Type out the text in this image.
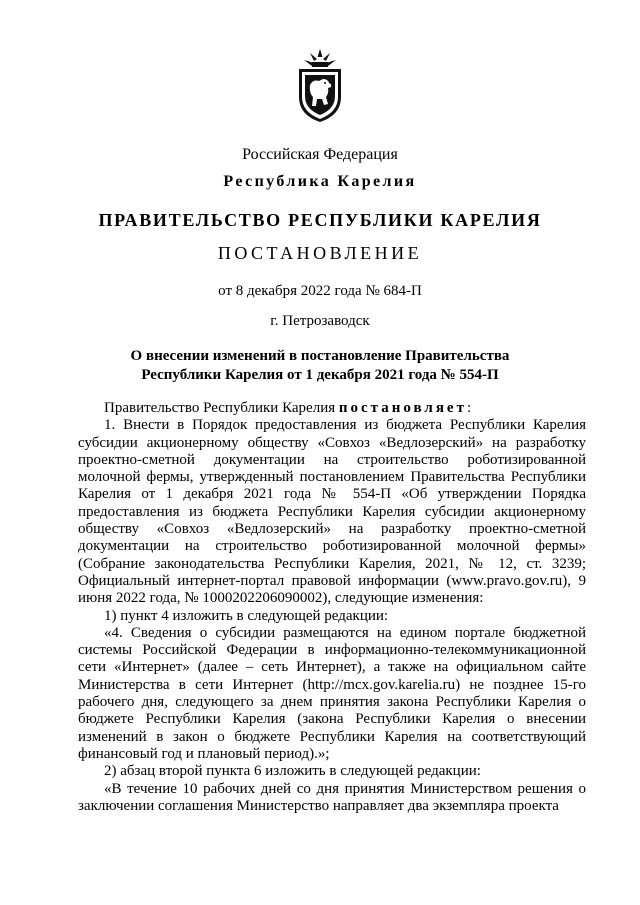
Российская Федерация
Республика Карелия
ПРАВИТЕЛЬСТВО РЕСПУБЛИКИ КАРЕЛИЯ
ПОСТАНОВЛЕНИЕ
от 8 декабря 2022 года № 684-П
г. Петрозаводск
О внесении изменений в постановление Правительства
Республики Карелия от 1 декабря 2021 года № 554-П

Правительство Республики Карелия постановляет:

1. Внести в Порядок предоставления из бюджета Республики Карелия субсидии акционерному обществу «Совхоз «Ведлозерский» на разработку проектно-сметной документации на строительство роботизированной молочной фермы, утвержденный постановлением Правительства Республики Карелия от 1 декабря 2021 года № 554-П «Об утверждении Порядка предоставления из бюджета Республики Карелия субсидии акционерному обществу «Совхоз «Ведлозерский» на разработку проектно-сметной документации на строительство роботизированной молочной фермы» (Собрание законодательства Республики Карелия, 2021, № 12, ст. 3239; Официальный интернет-портал правовой информации (www.pravo.gov.ru), 9 июня 2022 года, № 1000202206090002), следующие изменения:

1) пункт 4 изложить в следующей редакции:

«4. Сведения о субсидии размещаются на едином портале бюджетной системы Российской Федерации в информационно-телекоммуникационной сети «Интернет» (далее – сеть Интернет), а также на официальном сайте Министерства в сети Интернет (http://mcx.gov.karelia.ru) не позднее 15-го рабочего дня, следующего за днем принятия закона Республики Карелия о бюджете Республики Карелия (закона Республики Карелия о внесении изменений в закон о бюджете Республики Карелия на соответствующий финансовый год и плановый период).»;

2) абзац второй пункта 6 изложить в следующей редакции:

«В течение 10 рабочих дней со дня принятия Министерством решения о заключении соглашения Министерство направляет два экземпляра проекта
